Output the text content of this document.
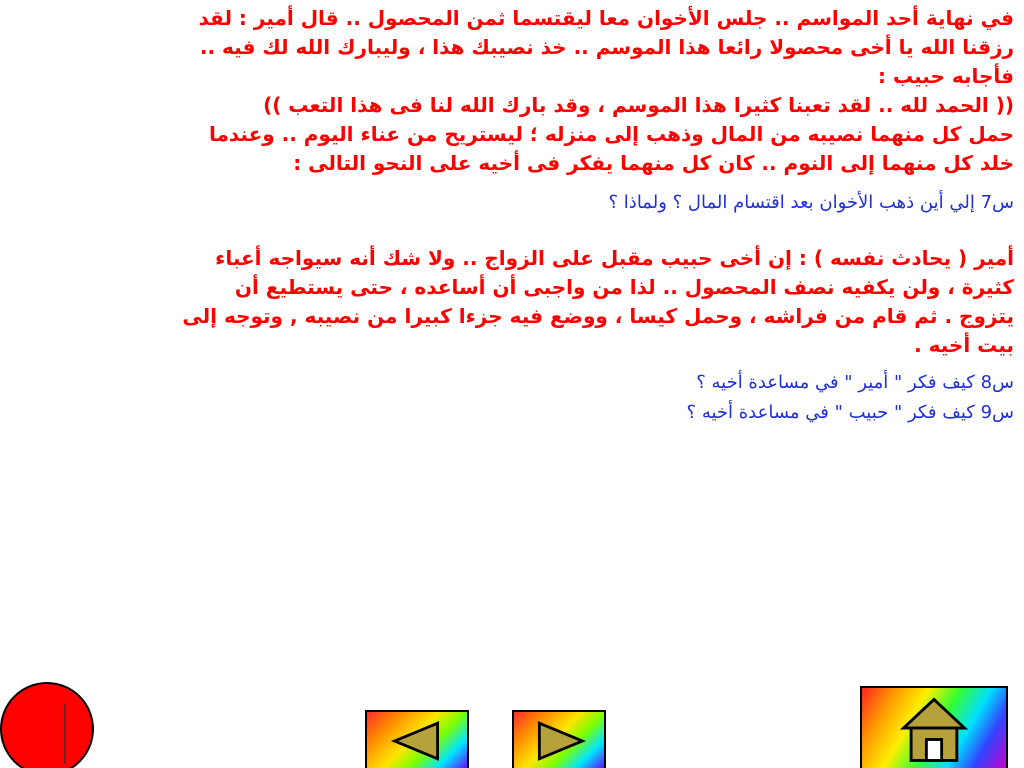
في نهاية أحد المواسم .. جلس الأخوان معا ليقتسما ثمن المحصول .. قال أمير : لقد
رزقنا الله يا أخى محصولا رائعا هذا الموسم .. خذ نصيبك هذا ، وليبارك الله لك فيه ..
فأجابه حبيب :
(( الحمد لله .. لقد تعبنا كثيرا هذا الموسم ، وقد بارك الله لنا فى هذا التعب ))
حمل كل منهما نصيبه من المال وذهب إلى منزله ؛ ليستريح من عناء اليوم .. وعندما
خلد كل منهما إلى النوم .. كان كل منهما يفكر فى أخيه على النحو التالى :

س7 إلي أين ذهب الأخوان بعد اقتسام المال ؟ ولماذا ؟

أمير ( يحادث نفسه ) : إن أخى حبيب مقبل على الزواج .. ولا شك أنه سيواجه أعباء
كثيرة ، ولن يكفيه نصف المحصول .. لذا من واجبى أن أساعده ، حتى يستطيع أن
يتزوج . ثم قام من فراشه ، وحمل كيسا ، ووضع فيه جزءا كبيرا من نصيبه , وتوجه إلى
بيت أخيه .

س8 كيف فكر " أمير " في مساعدة أخيه ؟

س9 كيف فكر " حبيب " في مساعدة أخيه ؟
